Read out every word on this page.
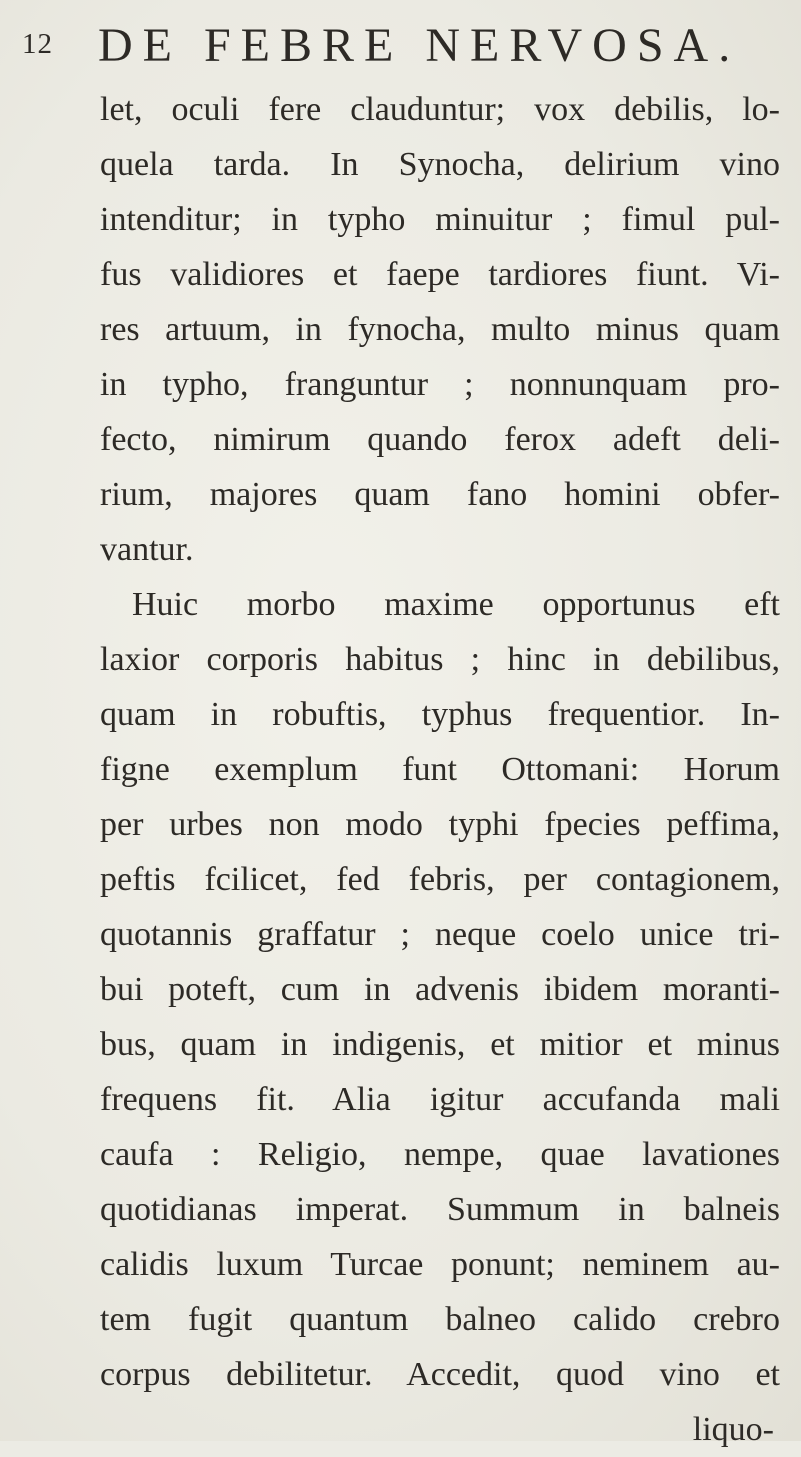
12 DE FEBRE NERVOSA.
let, oculi fere clauduntur; vox debilis, lo-
quela tarda. In Synocha, delirium vino
intenditur; in typho minuitur ; fimul pul-
fus validiores et faepe tardiores fiunt. Vi-
res artuum, in fynocha, multo minus quam
in typho, franguntur ; nonnunquam pro-
fecto, nimirum quando ferox adeft deli-
rium, majores quam fano homini obfer-
vantur.
Huic morbo maxime opportunus eft
laxior corporis habitus ; hinc in debilibus,
quam in robuftis, typhus frequentior. In-
figne exemplum funt Ottomani: Horum
per urbes non modo typhi fpecies peffima,
peftis fcilicet, fed febris, per contagionem,
quotannis graffatur ; neque coelo unice tri-
bui poteft, cum in advenis ibidem moranti-
bus, quam in indigenis, et mitior et minus
frequens fit. Alia igitur accufanda mali
caufa : Religio, nempe, quae lavationes
quotidianas imperat. Summum in balneis
calidis luxum Turcae ponunt; neminem au-
tem fugit quantum balneo calido crebro
corpus debilitetur. Accedit, quod vino et
liquo-
